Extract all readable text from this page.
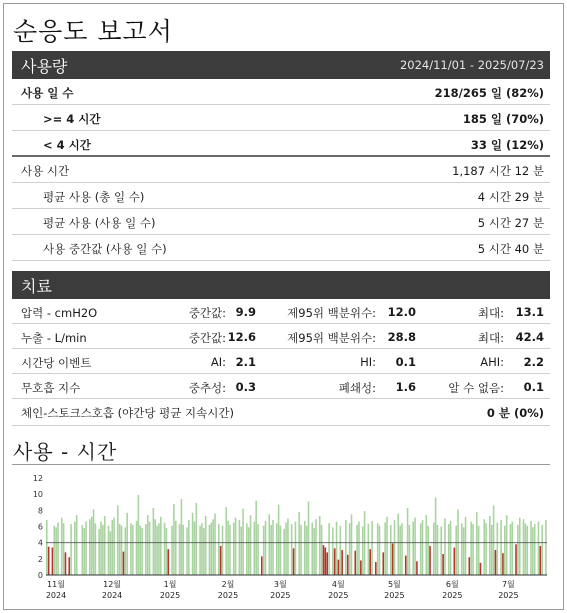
순응도 보고서
사용량	2024/11/01 - 2025/07/23
사용 일 수	218/265 일 (82%)
>= 4 시간	185 일 (70%)
< 4 시간	33 일 (12%)
사용 시간	1,187 시간 12 분
평균 사용 (총 일 수)	4 시간 29 분
평균 사용 (사용 일 수)	5 시간 27 분
사용 중간값 (사용 일 수)	5 시간 40 분
치료
압력 - cmH2O	중간값: 9.9	제95위 백분위수: 12.0	최대: 13.1
누출 - L/min	중간값: 12.6	제95위 백분위수: 28.8	최대: 42.4
시간당 이벤트	AI: 2.1	HI: 0.1	AHI: 2.2
무호흡 지수	중추성: 0.3	폐쇄성: 1.6	알 수 없음: 0.1
체인-스토크스호흡 (야간당 평균 지속시간)	0 분 (0%)
사용 - 시간
0
2
4
6
8
10
12
11월
2024
12월
2024
1월
2025
2월
2025
3월
2025
4월
2025
5월
2025
6월
2025
7월
2025
